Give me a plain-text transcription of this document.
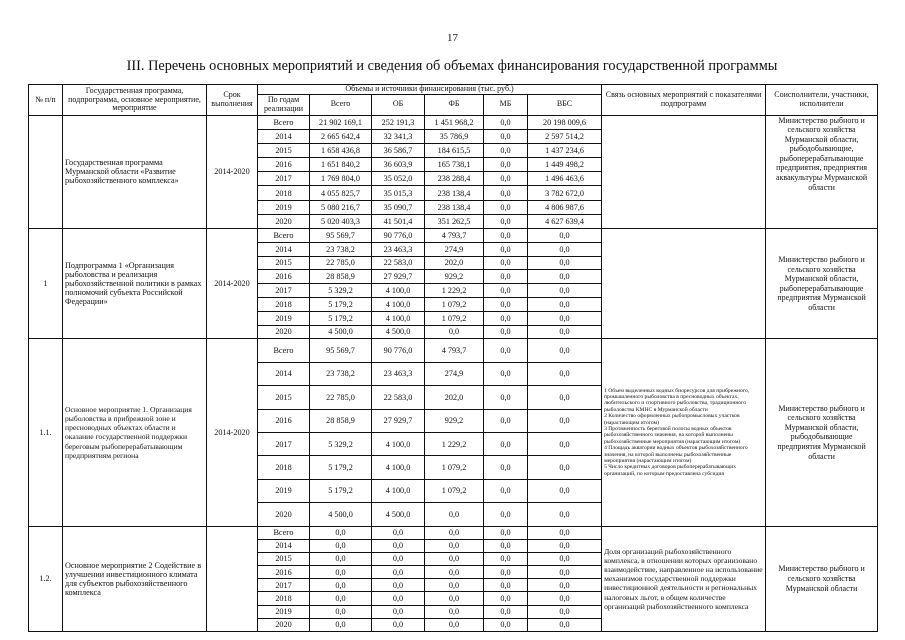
17
III. Перечень основных мероприятий и сведения об объемах финансирования государственной программы
№ п/п	Государственная программа, подпрограмма, основное мероприятие, мероприятие	Срок выполнения	Объемы и источники финансирования (тыс. руб.)						Связь основных мероприятий с показателями подпрограмм	Соисполнители, участники, исполнители
			По годам реализации	Всего	ОБ	ФБ	МБ	ВБС		
	Государственная программа Мурманской области «Развитие рыбохозяйственного комплекса»	2014-2020	Всего	21 902 169,1	252 191,3	1 451 968,2	0,0	20 198 009,6		Министерство рыбного и сельского хозяйства Мурманской области, рыбодобывающие, рыбоперерабатывающие предприятия, предприятия аквакультуры Мурманской области
			2014	2 665 642,4	32 341,3	35 786,9	0,0	2 597 514,2		
			2015	1 658 436,8	36 586,7	184 615,5	0,0	1 437 234,6		
			2016	1 651 840,2	36 603,9	165 738,1	0,0	1 449 498,2		
			2017	1 769 804,0	35 052,0	238 288,4	0,0	1 496 463,6		
			2018	4 055 825,7	35 015,3	238 138,4	0,0	3 782 672,0		
			2019	5 080 216,7	35 090,7	238 138,4	0,0	4 806 987,6		
			2020	5 020 403,3	41 501,4	351 262,5	0,0	4 627 639,4		
1	Подпрограмма 1 «Организация рыболовства и реализация рыбохозяйственной политики в рамках полномочий субъекта Российской Федерации»	2014-2020	Всего	95 569,7	90 776,0	4 793,7	0,0	0,0		Министерство рыбного и сельского хозяйства Мурманской области, рыбоперерабатывающие предприятия Мурманской области
			2014	23 738,2	23 463,3	274,9	0,0	0,0		
			2015	22 785,0	22 583,0	202,0	0,0	0,0		
			2016	28 858,9	27 929,7	929,2	0,0	0,0		
			2017	5 329,2	4 100,0	1 229,2	0,0	0,0		
			2018	5 179,2	4 100,0	1 079,2	0,0	0,0		
			2019	5 179,2	4 100,0	1 079,2	0,0	0,0		
			2020	4 500,0	4 500,0	0,0	0,0	0,0		
1.1.	Основное мероприятие 1. Организация рыболовства в прибрежной зоне и пресноводных объектах области и оказание государственной поддержки береговым рыбоперерабатывающим предприятиям региона	2014-2020	Всего	95 569,7	90 776,0	4 793,7	0,0	0,0	1 Объем выделенных водных биоресурсов для прибрежного, промышленного рыболовства в пресноводных объектах, любительского и спортивного рыболовства, традиционного рыболовства КМНС в Мурманской области
2 Количество оформленных рыбопромысловых участков (нарастающим итогом)
3 Протяженность береговой полосы водных объектов рыбохозяйственного значения, на которой выполнены рыбохозяйственные мероприятия (нарастающим итогом)
4 Площадь акватории водных объектов рыбохозяйственного значения, на которой выполнены рыбохозяйственные мероприятия (нарастающим итогом)
5 Число кредитных договоров рыбоперерабатывающих организаций, по которым предоставлена субсидия	Министерство рыбного и сельского хозяйства Мурманской области, рыбодобывающие предприятия Мурманской области
			2014	23 738,2	23 463,3	274,9	0,0	0,0		
			2015	22 785,0	22 583,0	202,0	0,0	0,0		
			2016	28 858,9	27 929,7	929,2	0,0	0,0		
			2017	5 329,2	4 100,0	1 229,2	0,0	0,0		
			2018	5 179,2	4 100,0	1 079,2	0,0	0,0		
			2019	5 179,2	4 100,0	1 079,2	0,0	0,0		
			2020	4 500,0	4 500,0	0,0	0,0	0,0		
1.2.	Основное мероприятие 2 Содействие в улучшении инвестиционного климата для субъектов рыбохозяйственного комплекса		Всего	0,0	0,0	0,0	0,0	0,0	Доля организаций рыбохозяйственного комплекса, в отношении которых организовано взаимодействие, направленное на использование механизмов государственной поддержки инвестиционной деятельности и региональных налоговых льгот, в общем количестве организаций рыбохозяйственного комплекса	Министерство рыбного и сельского хозяйства Мурманской области
			2014	0,0	0,0	0,0	0,0	0,0		
			2015	0,0	0,0	0,0	0,0	0,0		
			2016	0,0	0,0	0,0	0,0	0,0		
			2017	0,0	0,0	0,0	0,0	0,0		
			2018	0,0	0,0	0,0	0,0	0,0		
			2019	0,0	0,0	0,0	0,0	0,0		
			2020	0,0	0,0	0,0	0,0	0,0		
